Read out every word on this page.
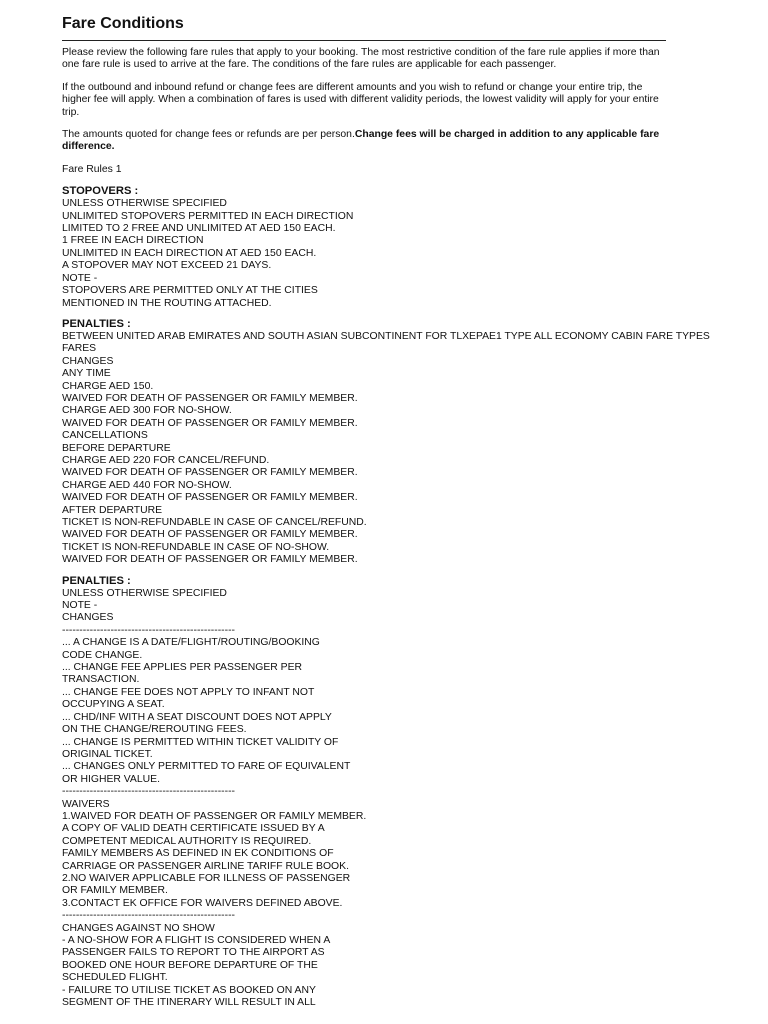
Fare Conditions

Please review the following fare rules that apply to your booking. The most restrictive condition of the fare rule applies if more than one fare rule is used to arrive at the fare. The conditions of the fare rules are applicable for each passenger.

If the outbound and inbound refund or change fees are different amounts and you wish to refund or change your entire trip, the higher fee will apply. When a combination of fares is used with different validity periods, the lowest validity will apply for your entire trip.

The amounts quoted for change fees or refunds are per person.Change fees will be charged in addition to any applicable fare difference.

Fare Rules 1
STOPOVERS :
UNLESS OTHERWISE SPECIFIED
UNLIMITED STOPOVERS PERMITTED IN EACH DIRECTION
LIMITED TO 2 FREE AND UNLIMITED AT AED 150 EACH.
1 FREE IN EACH DIRECTION
UNLIMITED IN EACH DIRECTION AT AED 150 EACH.
A STOPOVER MAY NOT EXCEED 21 DAYS.
NOTE -
STOPOVERS ARE PERMITTED ONLY AT THE CITIES
MENTIONED IN THE ROUTING ATTACHED.
PENALTIES :
BETWEEN UNITED ARAB EMIRATES AND SOUTH ASIAN SUBCONTINENT FOR TLXEPAE1 TYPE ALL ECONOMY CABIN FARE TYPES
FARES
CHANGES
ANY TIME
CHARGE AED 150.
WAIVED FOR DEATH OF PASSENGER OR FAMILY MEMBER.
CHARGE AED 300 FOR NO-SHOW.
WAIVED FOR DEATH OF PASSENGER OR FAMILY MEMBER.
CANCELLATIONS
BEFORE DEPARTURE
CHARGE AED 220 FOR CANCEL/REFUND.
WAIVED FOR DEATH OF PASSENGER OR FAMILY MEMBER.
CHARGE AED 440 FOR NO-SHOW.
WAIVED FOR DEATH OF PASSENGER OR FAMILY MEMBER.
AFTER DEPARTURE
TICKET IS NON-REFUNDABLE IN CASE OF CANCEL/REFUND.
WAIVED FOR DEATH OF PASSENGER OR FAMILY MEMBER.
TICKET IS NON-REFUNDABLE IN CASE OF NO-SHOW.
WAIVED FOR DEATH OF PASSENGER OR FAMILY MEMBER.
PENALTIES :
UNLESS OTHERWISE SPECIFIED
NOTE -
CHANGES
--------------------------------------------------
... A CHANGE IS A DATE/FLIGHT/ROUTING/BOOKING
CODE CHANGE.
... CHANGE FEE APPLIES PER PASSENGER PER
TRANSACTION.
... CHANGE FEE DOES NOT APPLY TO INFANT NOT
OCCUPYING A SEAT.
... CHD/INF WITH A SEAT DISCOUNT DOES NOT APPLY
ON THE CHANGE/REROUTING FEES.
... CHANGE IS PERMITTED WITHIN TICKET VALIDITY OF
ORIGINAL TICKET.
... CHANGES ONLY PERMITTED TO FARE OF EQUIVALENT
OR HIGHER VALUE.
--------------------------------------------------
WAIVERS
1.WAIVED FOR DEATH OF PASSENGER OR FAMILY MEMBER.
A COPY OF VALID DEATH CERTIFICATE ISSUED BY A
COMPETENT MEDICAL AUTHORITY IS REQUIRED.
FAMILY MEMBERS AS DEFINED IN EK CONDITIONS OF
CARRIAGE OR PASSENGER AIRLINE TARIFF RULE BOOK.
2.NO WAIVER APPLICABLE FOR ILLNESS OF PASSENGER
OR FAMILY MEMBER.
3.CONTACT EK OFFICE FOR WAIVERS DEFINED ABOVE.
--------------------------------------------------
CHANGES AGAINST NO SHOW
- A NO-SHOW FOR A FLIGHT IS CONSIDERED WHEN A
PASSENGER FAILS TO REPORT TO THE AIRPORT AS
BOOKED ONE HOUR BEFORE DEPARTURE OF THE
SCHEDULED FLIGHT.
- FAILURE TO UTILISE TICKET AS BOOKED ON ANY
SEGMENT OF THE ITINERARY WILL RESULT IN ALL
